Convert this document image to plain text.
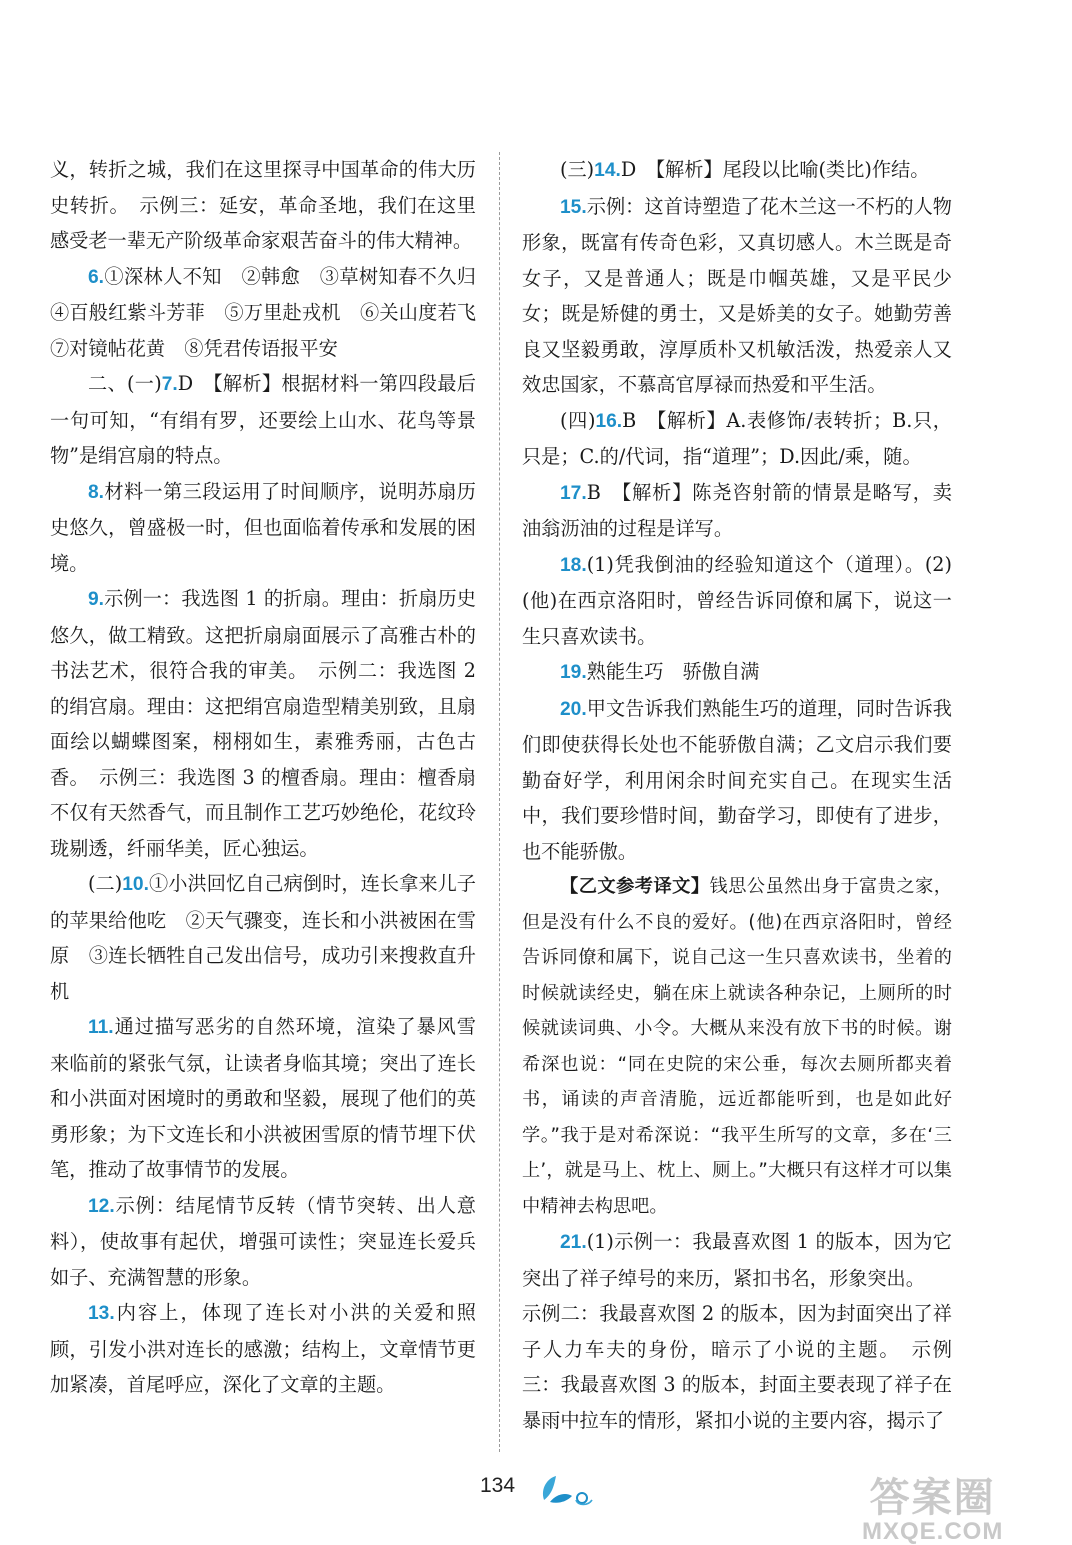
义，转折之城，我们在这里探寻中国革命的伟大历史转折。　示例三：延安，革命圣地，我们在这里感受老一辈无产阶级革命家艰苦奋斗的伟大精神。

6.①深林人不知　②韩愈　③草树知春不久归　④百般红紫斗芳菲　⑤万里赴戎机　⑥关山度若飞　⑦对镜帖花黄　⑧凭君传语报平安

二、(一)7.D　【解析】根据材料一第四段最后一句可知，“有绢有罗，还要绘上山水、花鸟等景物”是绢宫扇的特点。

8.材料一第三段运用了时间顺序，说明苏扇历史悠久，曾盛极一时，但也面临着传承和发展的困境。

9.示例一：我选图 1 的折扇。理由：折扇历史悠久，做工精致。这把折扇扇面展示了高雅古朴的书法艺术，很符合我的审美。　示例二：我选图 2 的绢宫扇。理由：这把绢宫扇造型精美别致，且扇面绘以蝴蝶图案，栩栩如生，素雅秀丽，古色古香。　示例三：我选图 3 的檀香扇。理由：檀香扇不仅有天然香气，而且制作工艺巧妙绝伦，花纹玲珑剔透，纤丽华美，匠心独运。

(二)10.①小洪回忆自己病倒时，连长拿来儿子的苹果给他吃　②天气骤变，连长和小洪被困在雪原　③连长牺牲自己发出信号，成功引来搜救直升机

11.通过描写恶劣的自然环境，渲染了暴风雪来临前的紧张气氛，让读者身临其境；突出了连长和小洪面对困境时的勇敢和坚毅，展现了他们的英勇形象；为下文连长和小洪被困雪原的情节埋下伏笔，推动了故事情节的发展。

12.示例：结尾情节反转（情节突转、出人意料），使故事有起伏，增强可读性；突显连长爱兵如子、充满智慧的形象。

13.内容上，体现了连长对小洪的关爱和照顾，引发小洪对连长的感激；结构上，文章情节更加紧凑，首尾呼应，深化了文章的主题。

(三)14.D　【解析】尾段以比喻(类比)作结。

15.示例：这首诗塑造了花木兰这一不朽的人物形象，既富有传奇色彩，又真切感人。木兰既是奇女子，又是普通人；既是巾帼英雄，又是平民少女；既是矫健的勇士，又是娇美的女子。她勤劳善良又坚毅勇敢，淳厚质朴又机敏活泼，热爱亲人又效忠国家，不慕高官厚禄而热爱和平生活。

(四)16.B　【解析】A.表修饰/表转折；B.只，只是；C.的/代词，指“道理”；D.因此/乘，随。

17.B　【解析】陈尧咨射箭的情景是略写，卖油翁沥油的过程是详写。

18.(1)凭我倒油的经验知道这个（道理）。(2)(他)在西京洛阳时，曾经告诉同僚和属下，说这一生只喜欢读书。

19.熟能生巧　骄傲自满

20.甲文告诉我们熟能生巧的道理，同时告诉我们即使获得长处也不能骄傲自满；乙文启示我们要勤奋好学，利用闲余时间充实自己。在现实生活中，我们要珍惜时间，勤奋学习，即使有了进步，也不能骄傲。

【乙文参考译文】钱思公虽然出身于富贵之家，但是没有什么不良的爱好。(他)在西京洛阳时，曾经告诉同僚和属下，说自己这一生只喜欢读书，坐着的时候就读经史，躺在床上就读各种杂记，上厕所的时候就读词典、小令。大概从来没有放下书的时候。谢希深也说：“同在史院的宋公垂，每次去厕所都夹着书，诵读的声音清脆，远近都能听到，也是如此好学。”我于是对希深说：“我平生所写的文章，多在‘三上’，就是马上、枕上、厕上。”大概只有这样才可以集中精神去构思吧。

21.(1)示例一：我最喜欢图 1 的版本，因为它突出了祥子绰号的来历，紧扣书名，形象突出。

示例二：我最喜欢图 2 的版本，因为封面突出了祥子人力车夫的身份，暗示了小说的主题。　示例三：我最喜欢图 3 的版本，封面主要表现了祥子在暴雨中拉车的情形，紧扣小说的主要内容，揭示了

134	答案圈
MXQE.COM
